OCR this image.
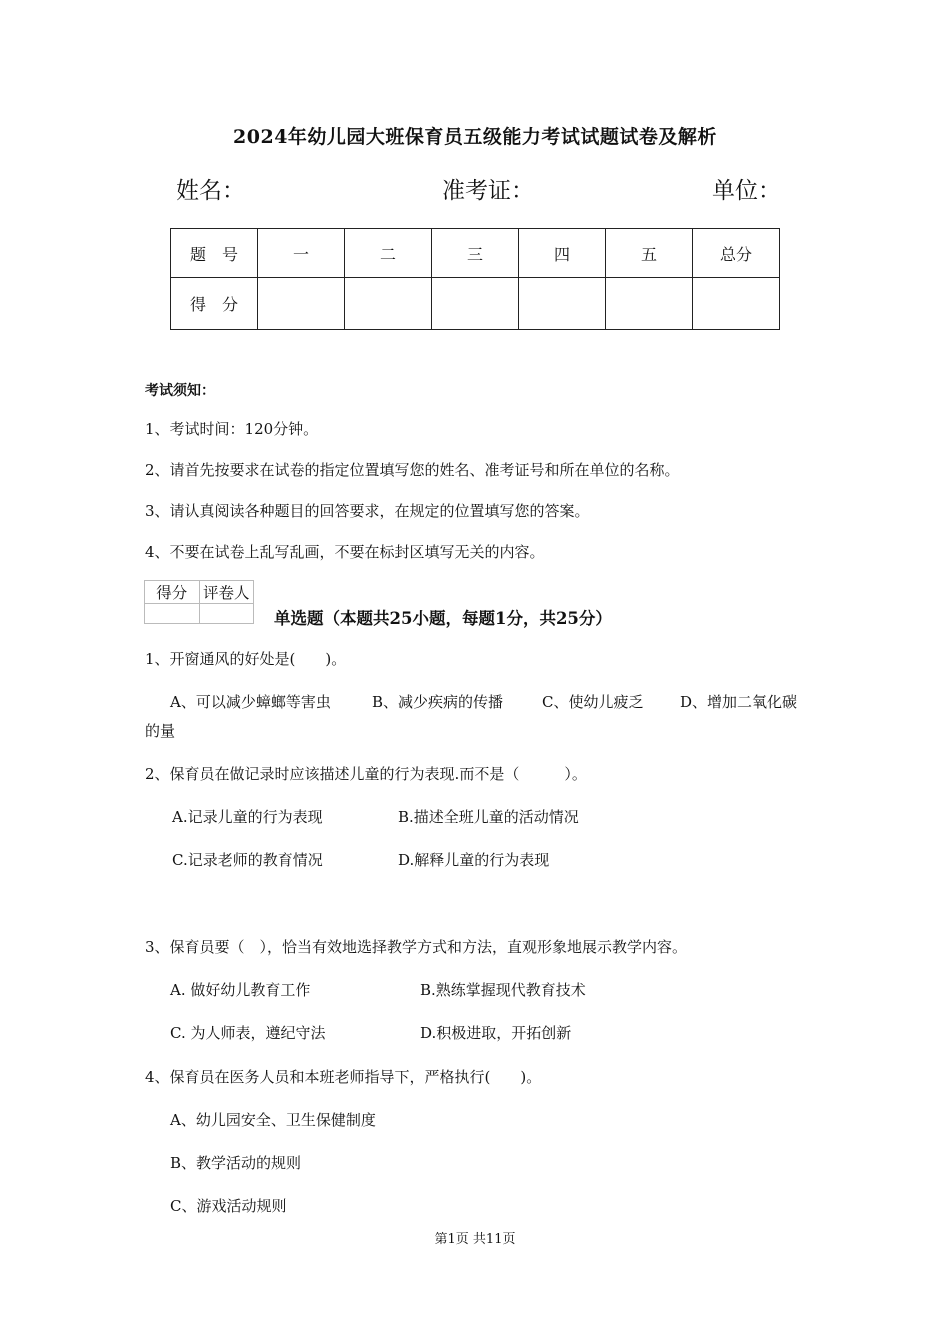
2024年幼儿园大班保育员五级能力考试试题试卷及解析
姓名：	准考证：	单位：
题　号	一	二	三	四	五	总分
得　分						
考试须知：
1、考试时间：120分钟。
2、请首先按要求在试卷的指定位置填写您的姓名、准考证号和所在单位的名称。
3、请认真阅读各种题目的回答要求，在规定的位置填写您的答案。
4、不要在试卷上乱写乱画，不要在标封区填写无关的内容。
得分	评卷人

单选题（本题共25小题，每题1分，共25分）
1、开窗通风的好处是(　　)。
A、可以减少蟑螂等害虫	B、减少疾病的传播	C、使幼儿疲乏 D、增加二氧化碳
的量
2、保育员在做记录时应该描述儿童的行为表现.而不是（　　　）。
A.记录儿童的行为表现	B.描述全班儿童的活动情况
C.记录老师的教育情况	D.解释儿童的行为表现
3、保育员要（　），恰当有效地选择教学方式和方法，直观形象地展示教学内容。
A. 做好幼儿教育工作	B.熟练掌握现代教育技术
C. 为人师表，遵纪守法	D.积极进取，开拓创新
4、保育员在医务人员和本班老师指导下，严格执行(　　)。
A、幼儿园安全、卫生保健制度
B、教学活动的规则
C、游戏活动规则
第1页 共11页
